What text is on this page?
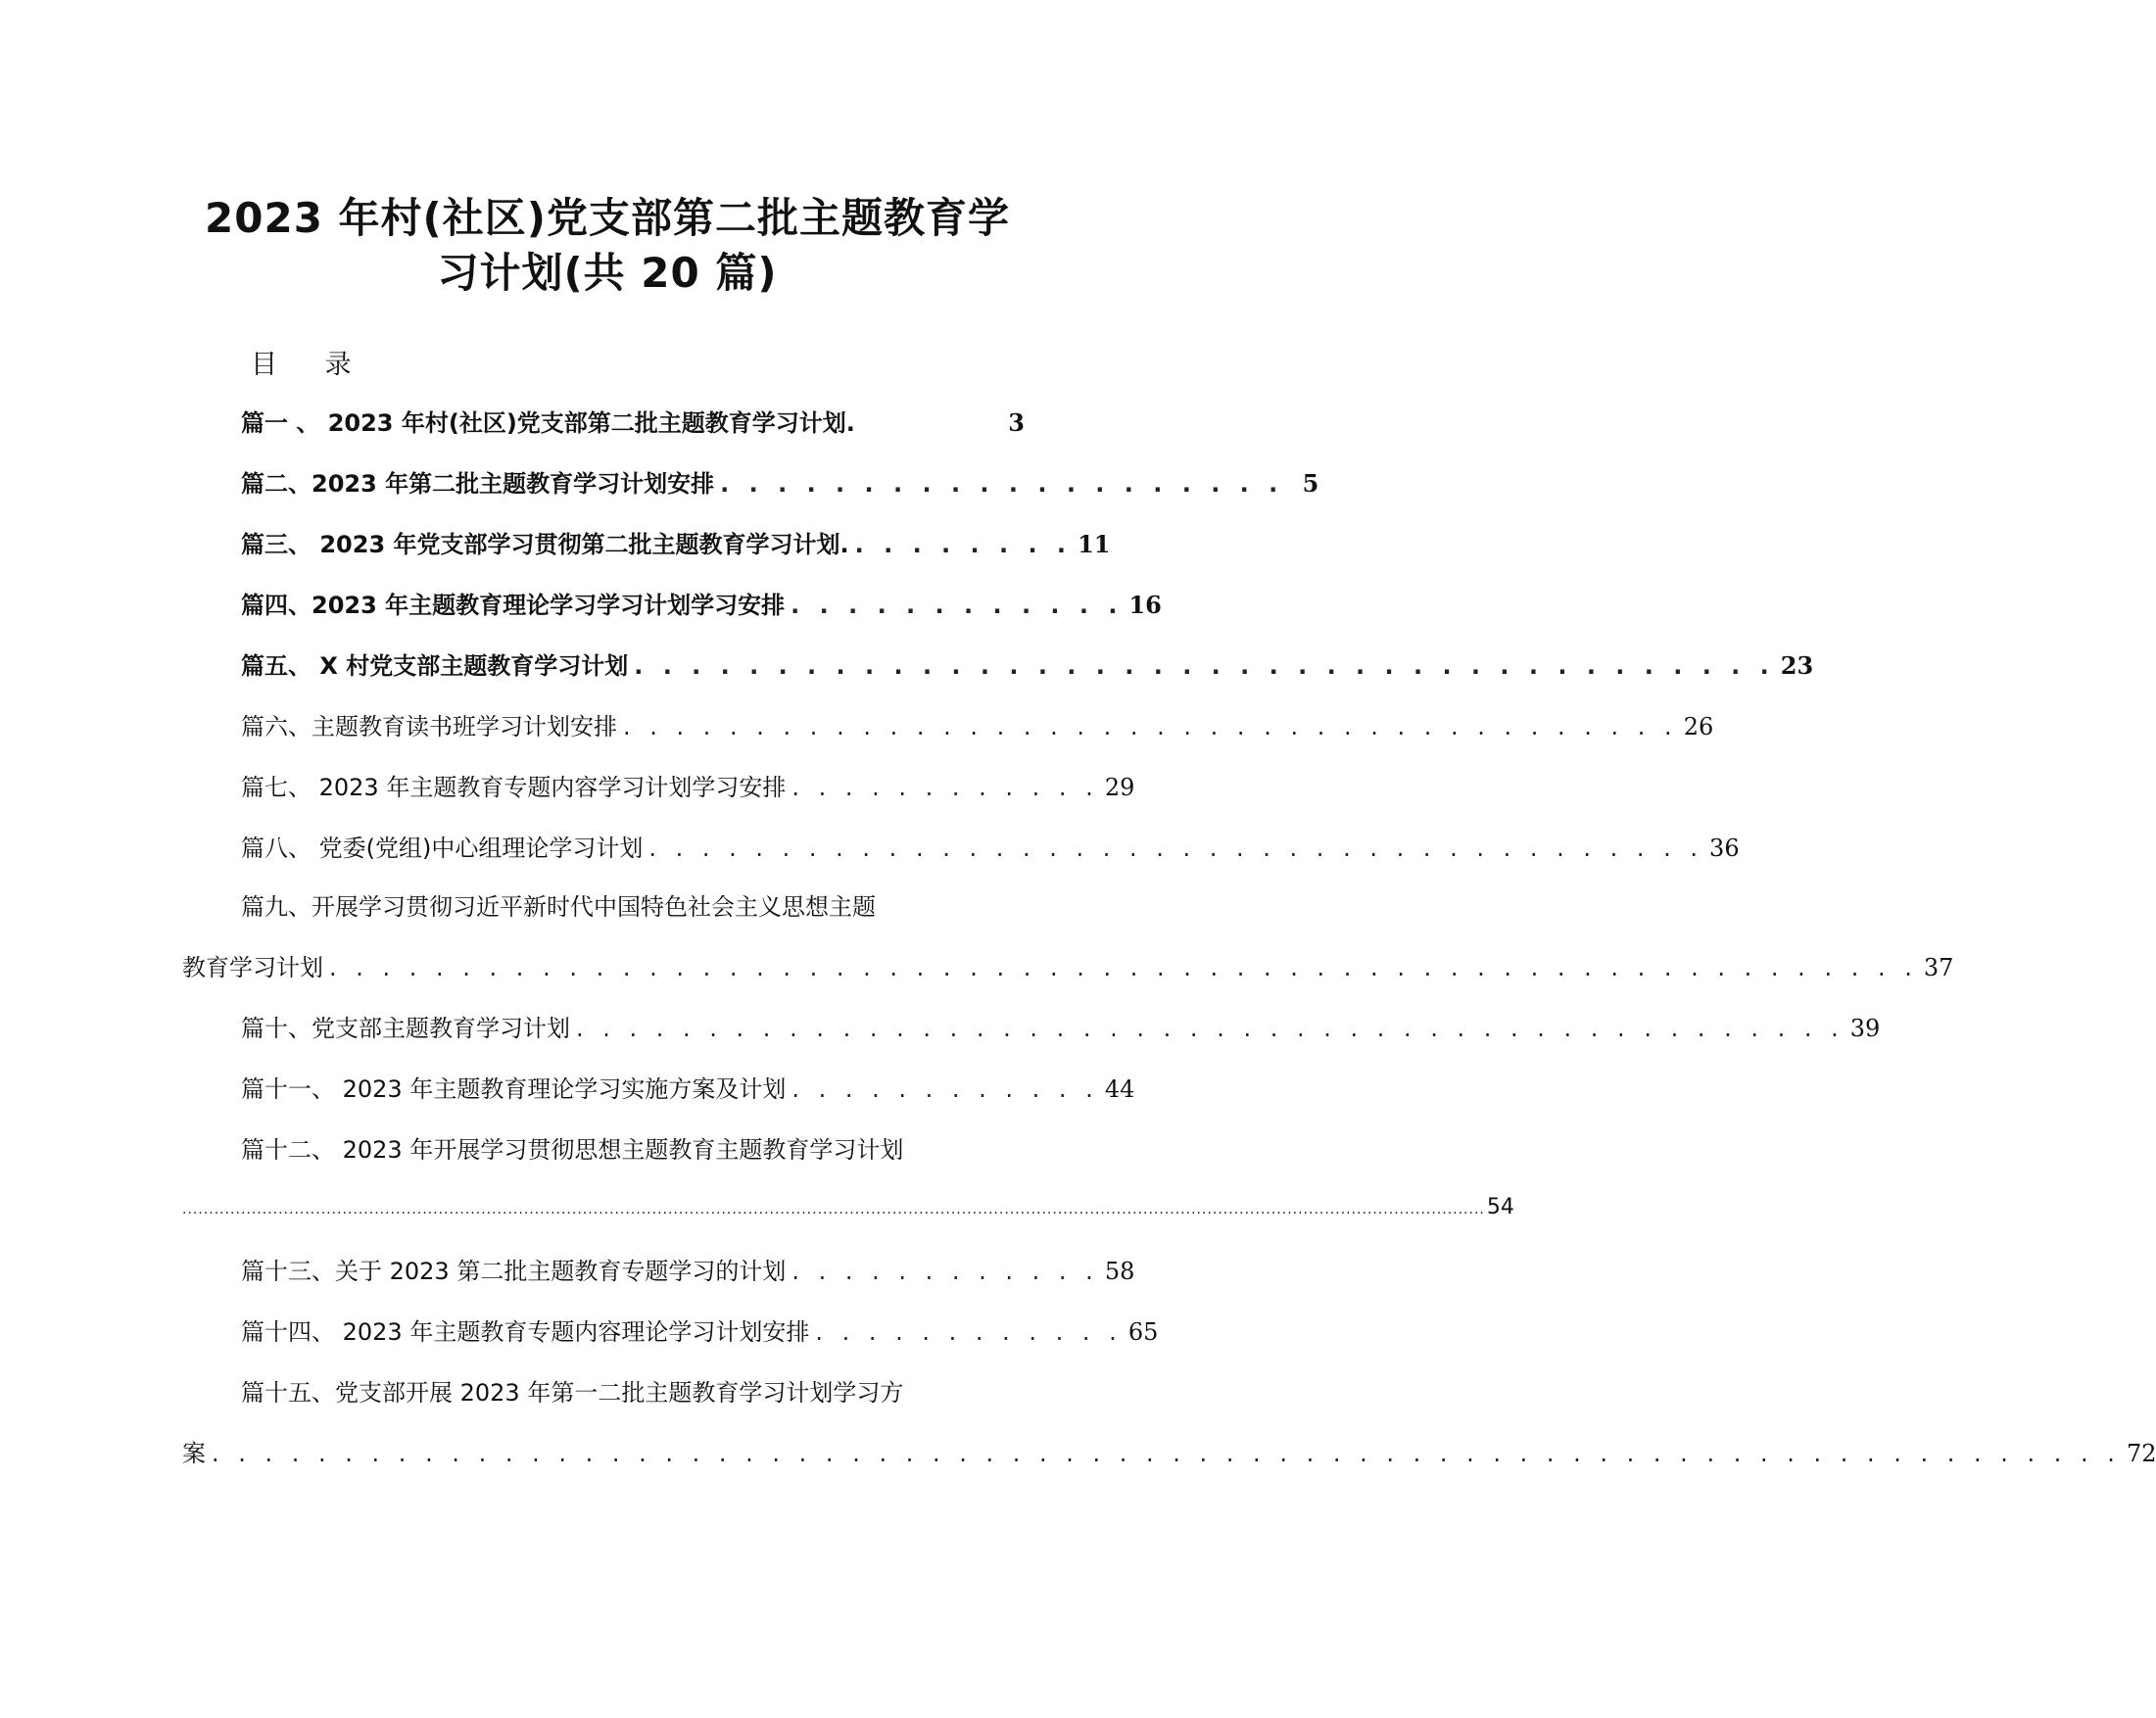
2023 年村(社区)党支部第二批主题教育学
习计划(共 20 篇)
目 录
篇一 、 2023 年村(社区)党支部第二批主题教育学习计划.	3
篇二、2023 年第二批主题教育学习计划安排 . . . . . . . . . . . . . . . . . . . . 5
篇三、 2023 年党支部学习贯彻第二批主题教育学习计划. . . . . . . . . 11
篇四、2023 年主题教育理论学习学习计划学习安排 . . . . . . . . . . . . 16
篇五、 X 村党支部主题教育学习计划 . . . . . . . . . . . . . . . . . . . . . . . . . . . . . . . . . . . . . . . . 23
篇六、主题教育读书班学习计划安排 . . . . . . . . . . . . . . . . . . . . . . . . . . . . . . . . . . . . . . . . 26
篇七、 2023 年主题教育专题内容学习计划学习安排 . . . . . . . . . . . . 29
篇八、 党委(党组)中心组理论学习计划 . . . . . . . . . . . . . . . . . . . . . . . . . . . . . . . . . . . . . . . . 36
篇九、开展学习贯彻习近平新时代中国特色社会主义思想主题
教育学习计划 . . . . . . . . . . . . . . . . . . . . . . . . . . . . . . . . . . . . . . . . . . . . . . . . . . . . . . . . . . . . 37
篇十、党支部主题教育学习计划 . . . . . . . . . . . . . . . . . . . . . . . . . . . . . . . . . . . . . . . . . . . . . . . . 39
篇十一、 2023 年主题教育理论学习实施方案及计划 . . . . . . . . . . . . 44
篇十二、 2023 年开展学习贯彻思想主题教育主题教育学习计划
.................................................................................................................................................................................................................................................... 54
篇十三、关于 2023 第二批主题教育专题学习的计划 . . . . . . . . . . . . 58
篇十四、 2023 年主题教育专题内容理论学习计划安排 . . . . . . . . . . . . 65
篇十五、党支部开展 2023 年第一二批主题教育学习计划学习方
案 . . . . . . . . . . . . . . . . . . . . . . . . . . . . . . . . . . . . . . . . . . . . . . . . . . . . . . . . . . . . . . . . . . . . . . . . 72
